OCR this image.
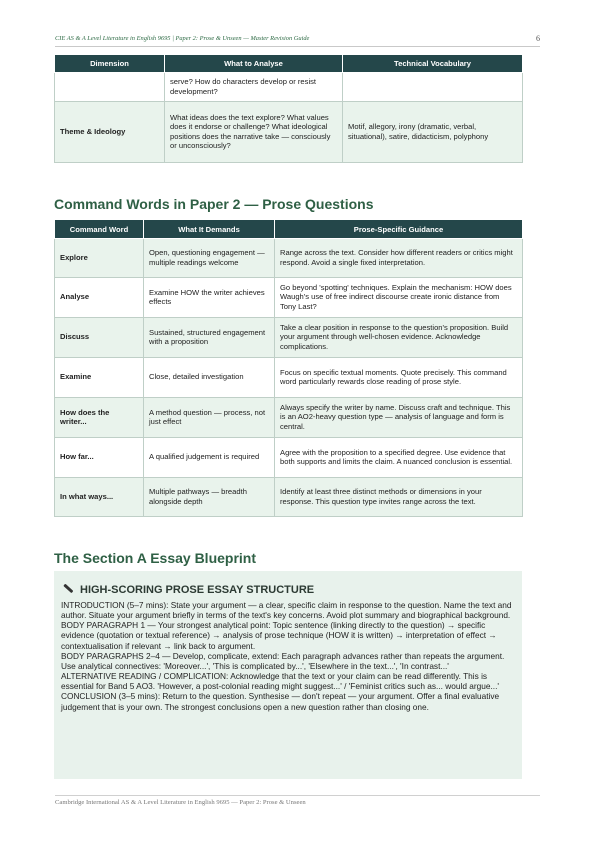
CIE AS & A Level Literature in English 9695 | Paper 2: Prose & Unseen — Master Revision Guide	6
Dimension	What to Analyse	Technical Vocabulary
	serve? How do characters develop or resist development?	
Theme & Ideology	What ideas does the text explore? What values does it endorse or challenge? What ideological positions does the narrative take — consciously or unconsciously?	Motif, allegory, irony (dramatic, verbal, situational), satire, didacticism, polyphony
Command Words in Paper 2 — Prose Questions
Command Word	What It Demands	Prose-Specific Guidance
Explore	Open, questioning engagement — multiple readings welcome	Range across the text. Consider how different readers or critics might respond. Avoid a single fixed interpretation.
Analyse	Examine HOW the writer achieves effects	Go beyond 'spotting' techniques. Explain the mechanism: HOW does Waugh's use of free indirect discourse create ironic distance from Tony Last?
Discuss	Sustained, structured engagement with a proposition	Take a clear position in response to the question's proposition. Build your argument through well-chosen evidence. Acknowledge complications.
Examine	Close, detailed investigation	Focus on specific textual moments. Quote precisely. This command word particularly rewards close reading of prose style.
How does the writer...	A method question — process, not just effect	Always specify the writer by name. Discuss craft and technique. This is an AO2-heavy question type — analysis of language and form is central.
How far...	A qualified judgement is required	Agree with the proposition to a specified degree. Use evidence that both supports and limits the claim. A nuanced conclusion is essential.
In what ways...	Multiple pathways — breadth alongside depth	Identify at least three distinct methods or dimensions in your response. This question type invites range across the text.
The Section A Essay Blueprint
HIGH-SCORING PROSE ESSAY STRUCTURE

INTRODUCTION (5–7 mins): State your argument — a clear, specific claim in response to the question. Name the text and author. Situate your argument briefly in terms of the text's key concerns. Avoid plot summary and biographical background.

BODY PARAGRAPH 1 — Your strongest analytical point: Topic sentence (linking directly to the question) → specific evidence (quotation or textual reference) → analysis of prose technique (HOW it is written) → interpretation of effect → contextualisation if relevant → link back to argument.

BODY PARAGRAPHS 2–4 — Develop, complicate, extend: Each paragraph advances rather than repeats the argument. Use analytical connectives: 'Moreover...', 'This is complicated by...', 'Elsewhere in the text...', 'In contrast...'

ALTERNATIVE READING / COMPLICATION: Acknowledge that the text or your claim can be read differently. This is essential for Band 5 AO3. 'However, a post-colonial reading might suggest...' / 'Feminist critics such as... would argue...'

CONCLUSION (3–5 mins): Return to the question. Synthesise — don't repeat — your argument. Offer a final evaluative judgement that is your own. The strongest conclusions open a new question rather than closing one.

Cambridge International AS & A Level Literature in English 9695 — Paper 2: Prose & Unseen
